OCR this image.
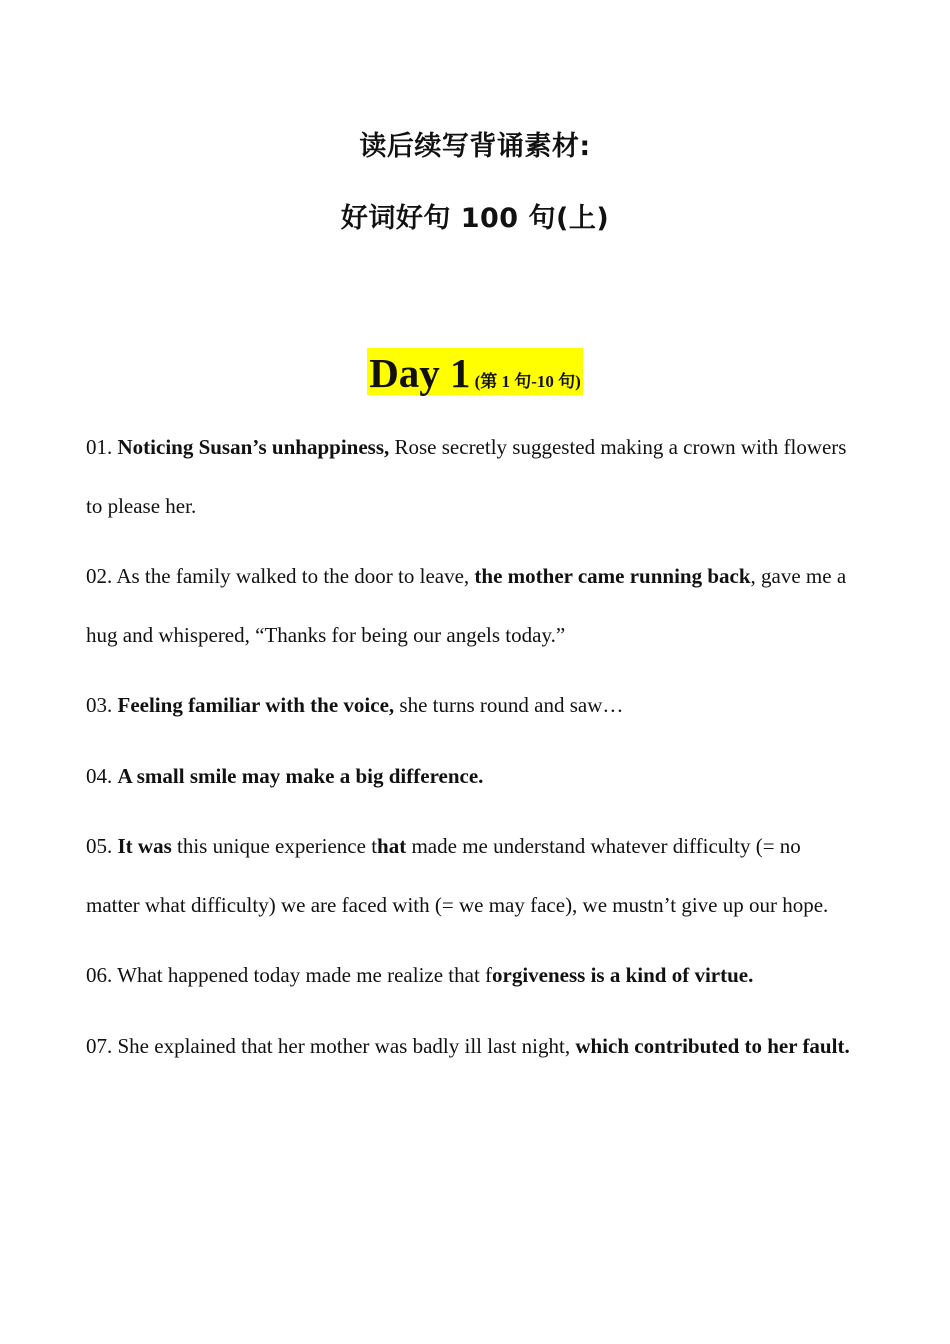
读后续写背诵素材:
好词好句 100 句(上)
Day 1 (第 1 句-10 句)

01. Noticing Susan’s unhappiness, Rose secretly suggested making a crown with flowers to please her.

02. As the family walked to the door to leave, the mother came running back, gave me a hug and whispered, “Thanks for being our angels today.”

03. Feeling familiar with the voice, she turns round and saw…

04. A small smile may make a big difference.

05. It was this unique experience that made me understand whatever difficulty (= no matter what difficulty) we are faced with (= we may face), we mustn’t give up our hope.

06. What happened today made me realize that forgiveness is a kind of virtue.

07. She explained that her mother was badly ill last night, which contributed to her fault.
